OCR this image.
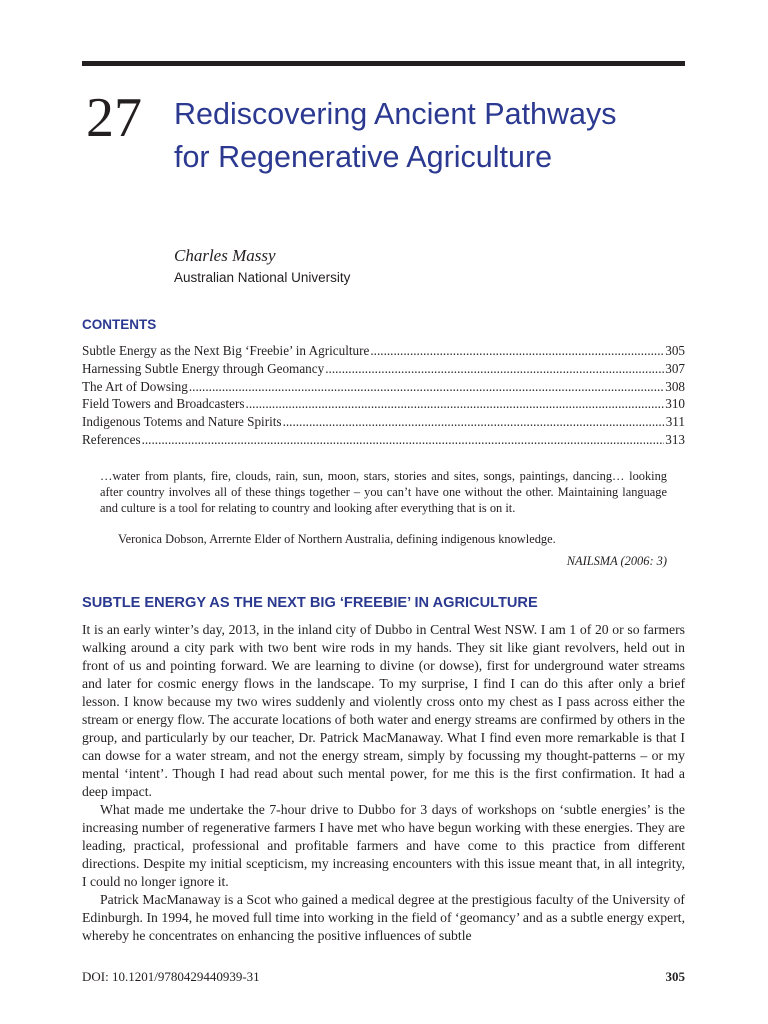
27 Rediscovering Ancient Pathways for Regenerative Agriculture
Charles Massy
Australian National University
CONTENTS
Subtle Energy as the Next Big ‘Freebie’ in Agriculture .....	305
Harnessing Subtle Energy through Geomancy .....	307
The Art of Dowsing .....	308
Field Towers and Broadcasters .....	310
Indigenous Totems and Nature Spirits .....	311
References .....	313

…water from plants, fire, clouds, rain, sun, moon, stars, stories and sites, songs, paintings, dancing… looking after country involves all of these things together – you can’t have one without the other. Maintaining language and culture is a tool for relating to country and looking after everything that is on it.

Veronica Dobson, Arrernte Elder of Northern Australia, defining indigenous knowledge.
NAILSMA (2006: 3)
SUBTLE ENERGY AS THE NEXT BIG ‘FREEBIE’ IN AGRICULTURE

It is an early winter’s day, 2013, in the inland city of Dubbo in Central West NSW. I am 1 of 20 or so farmers walking around a city park with two bent wire rods in my hands. They sit like giant revolvers, held out in front of us and pointing forward. We are learning to divine (or dowse), first for underground water streams and later for cosmic energy flows in the landscape. To my surprise, I find I can do this after only a brief lesson. I know because my two wires suddenly and violently cross onto my chest as I pass across either the stream or energy flow. The accurate locations of both water and energy streams are confirmed by others in the group, and particularly by our teacher, Dr. Patrick MacManaway. What I find even more remarkable is that I can dowse for a water stream, and not the energy stream, simply by focussing my thought-patterns – or my mental ‘intent’. Though I had read about such mental power, for me this is the first confirmation. It had a deep impact.

What made me undertake the 7-hour drive to Dubbo for 3 days of workshops on ‘subtle energies’ is the increasing number of regenerative farmers I have met who have begun working with these energies. They are leading, practical, professional and profitable farmers and have come to this practice from different directions. Despite my initial scepticism, my increasing encounters with this issue meant that, in all integrity, I could no longer ignore it.

Patrick MacManaway is a Scot who gained a medical degree at the prestigious faculty of the University of Edinburgh. In 1994, he moved full time into working in the field of ‘geomancy’ and as a subtle energy expert, whereby he concentrates on enhancing the positive influences of subtle

DOI: 10.1201/9780429440939-31	305
